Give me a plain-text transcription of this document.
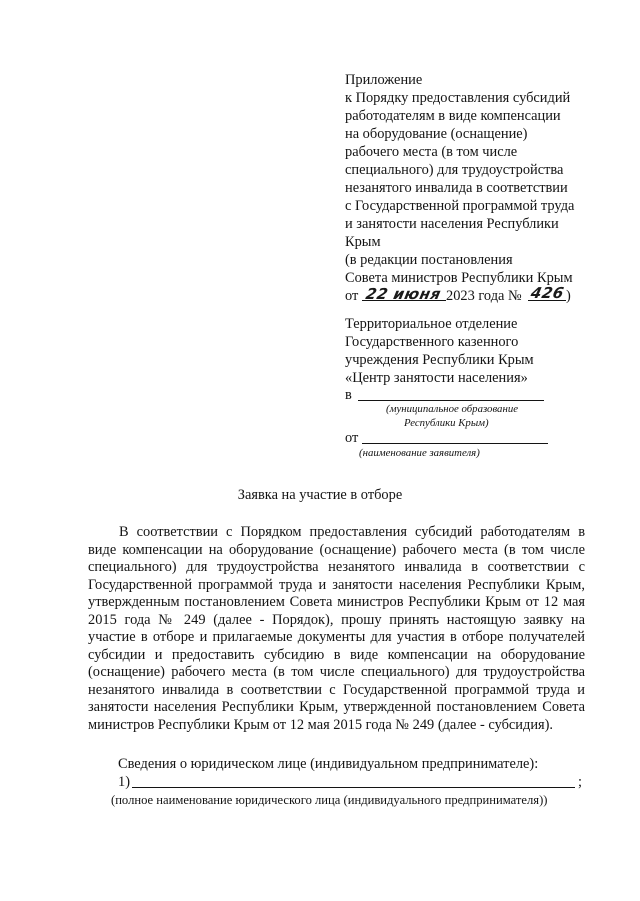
Приложение
к Порядку предоставления субсидий
работодателям в виде компенсации
на оборудование (оснащение)
рабочего места (в том числе
специального) для трудоустройства
незанятого инвалида в соответствии
с Государственной программой труда
и занятости населения Республики
Крым
(в редакции постановления
Совета министров Республики Крым
от 22 июня 2023 года № 426 )
Территориальное отделение
Государственного казенного
учреждения Республики Крым
«Центр занятости населения»
в
(муниципальное образование
Республики Крым)
от
(наименование заявителя)
Заявка на участие в отборе

В соответствии с Порядком предоставления субсидий работодателям в виде компенсации на оборудование (оснащение) рабочего места (в том числе специального) для трудоустройства незанятого инвалида в соответствии с Государственной программой труда и занятости населения Республики Крым, утвержденным постановлением Совета министров Республики Крым от 12 мая 2015 года № 249 (далее - Порядок), прошу принять настоящую заявку на участие в отборе и прилагаемые документы для участия в отборе получателей субсидии и предоставить субсидию в виде компенсации на оборудование (оснащение) рабочего места (в том числе специального) для трудоустройства незанятого инвалида в соответствии с Государственной программой труда и занятости населения Республики Крым, утвержденной постановлением Совета министров Республики Крым от 12 мая 2015 года № 249 (далее - субсидия).

Сведения о юридическом лице (индивидуальном предпринимателе):
1)	;
(полное наименование юридического лица (индивидуального предпринимателя))
